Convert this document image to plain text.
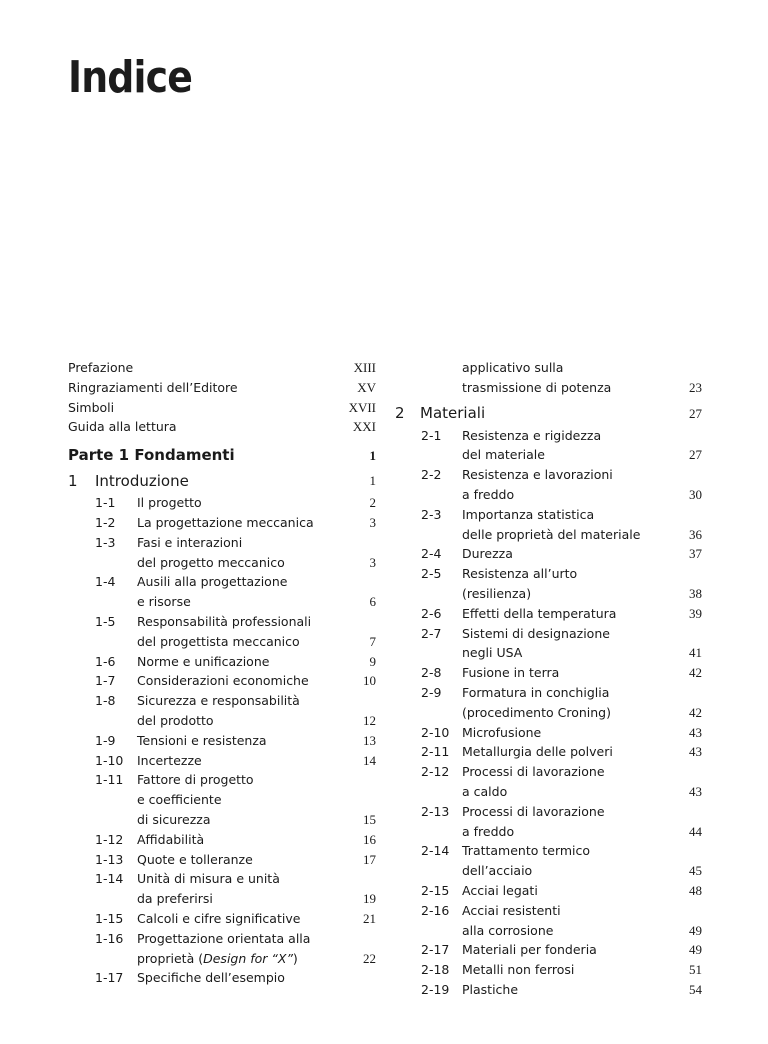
Indice
Prefazione	XIII
Ringraziamenti dell’Editore	XV
Simboli	XVII
Guida alla lettura	XXI
Parte 1 Fondamenti	1
1 Introduzione	1
1-1 Il progetto	2
1-2 La progettazione meccanica	3
1-3 Fasi e interazioni
del progetto meccanico	3
1-4 Ausili alla progettazione
e risorse	6
1-5 Responsabilità professionali
del progettista meccanico	7
1-6 Norme e unificazione	9
1-7 Considerazioni economiche	10
1-8 Sicurezza e responsabilità
del prodotto	12
1-9 Tensioni e resistenza	13
1-10 Incertezze	14
1-11 Fattore di progetto
e coefficiente
di sicurezza	15
1-12 Affidabilità	16
1-13 Quote e tolleranze	17
1-14 Unità di misura e unità
da preferirsi	19
1-15 Calcoli e cifre significative	21
1-16 Progettazione orientata alla
proprietà (Design for “X”)	22
1-17 Specifiche dell’esempio
applicativo sulla
trasmissione di potenza	23
2 Materiali	27
2-1 Resistenza e rigidezza
del materiale	27
2-2 Resistenza e lavorazioni
a freddo	30
2-3 Importanza statistica
delle proprietà del materiale	36
2-4 Durezza	37
2-5 Resistenza all’urto
(resilienza)	38
2-6 Effetti della temperatura	39
2-7 Sistemi di designazione
negli USA	41
2-8 Fusione in terra	42
2-9 Formatura in conchiglia
(procedimento Croning)	42
2-10 Microfusione	43
2-11 Metallurgia delle polveri	43
2-12 Processi di lavorazione
a caldo	43
2-13 Processi di lavorazione
a freddo	44
2-14 Trattamento termico
dell’acciaio	45
2-15 Acciai legati	48
2-16 Acciai resistenti
alla corrosione	49
2-17 Materiali per fonderia	49
2-18 Metalli non ferrosi	51
2-19 Plastiche	54
